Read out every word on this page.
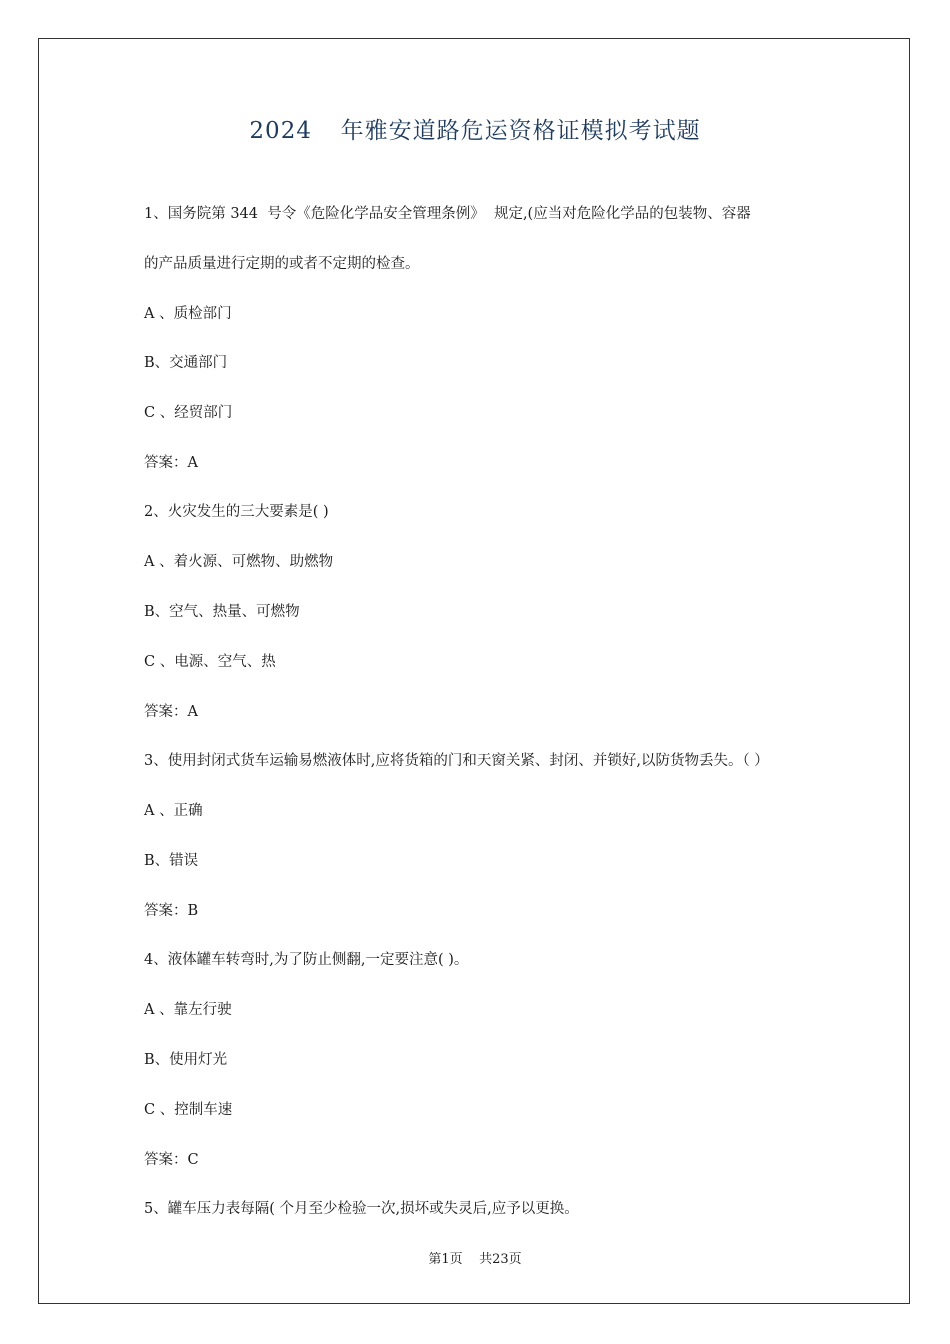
2024  年雅安道路危运资格证模拟考试题
1、国务院第 344  号令《危险化学品安全管理条例》  规定,(应当对危险化学品的包装物、容器
的产品质量进行定期的或者不定期的检查。
A 、质检部门
B、交通部门
C 、经贸部门
答案：A
2、火灾发生的三大要素是( )
A 、着火源、可燃物、助燃物
B、空气、热量、可燃物
C 、电源、空气、热
答案：A
3、使用封闭式货车运输易燃液体时,应将货箱的门和天窗关紧、封闭、并锁好,以防货物丢失。（ ）
A 、正确
B、错误
答案：B
4、液体罐车转弯时,为了防止侧翻,一定要注意( )。
A 、靠左行驶
B、使用灯光
C 、控制车速
答案：C
5、罐车压力表每隔( 个月至少检验一次,损坏或失灵后,应予以更换。
第1页    共23页
